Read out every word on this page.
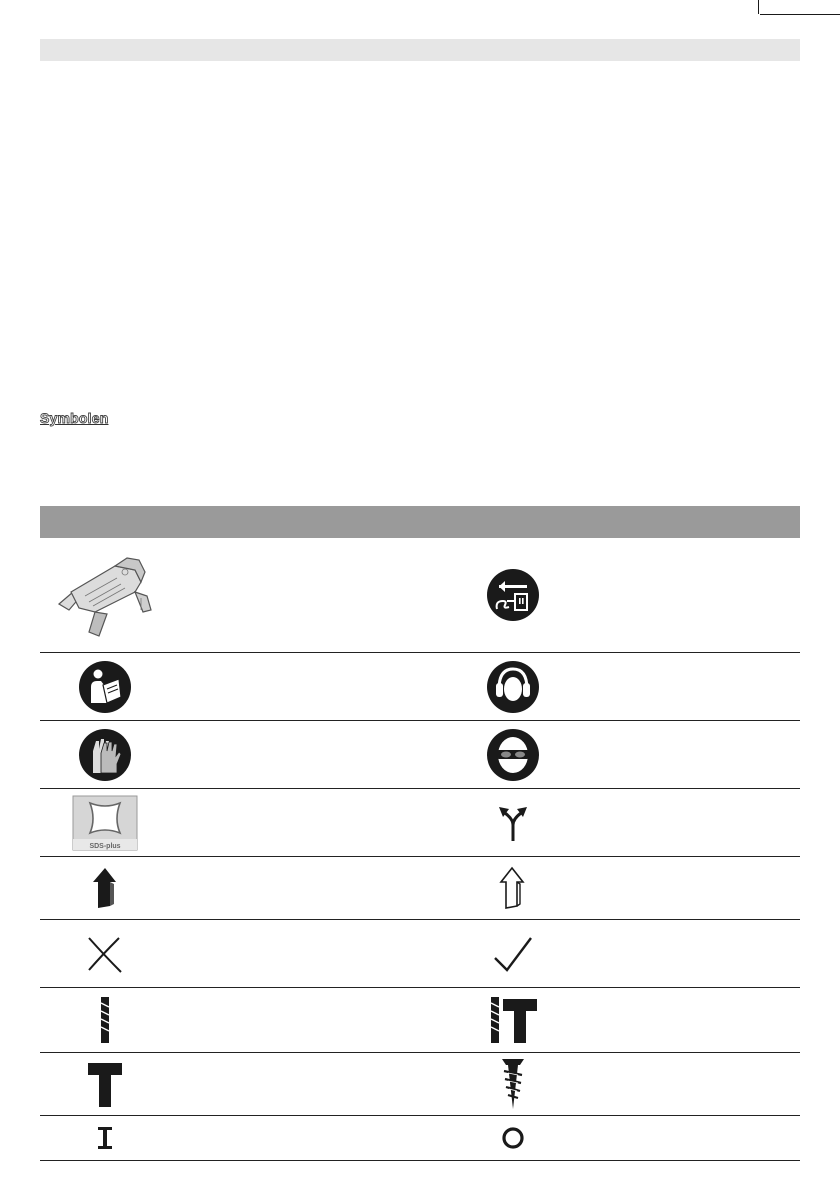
Symbolen
SDS-plus
